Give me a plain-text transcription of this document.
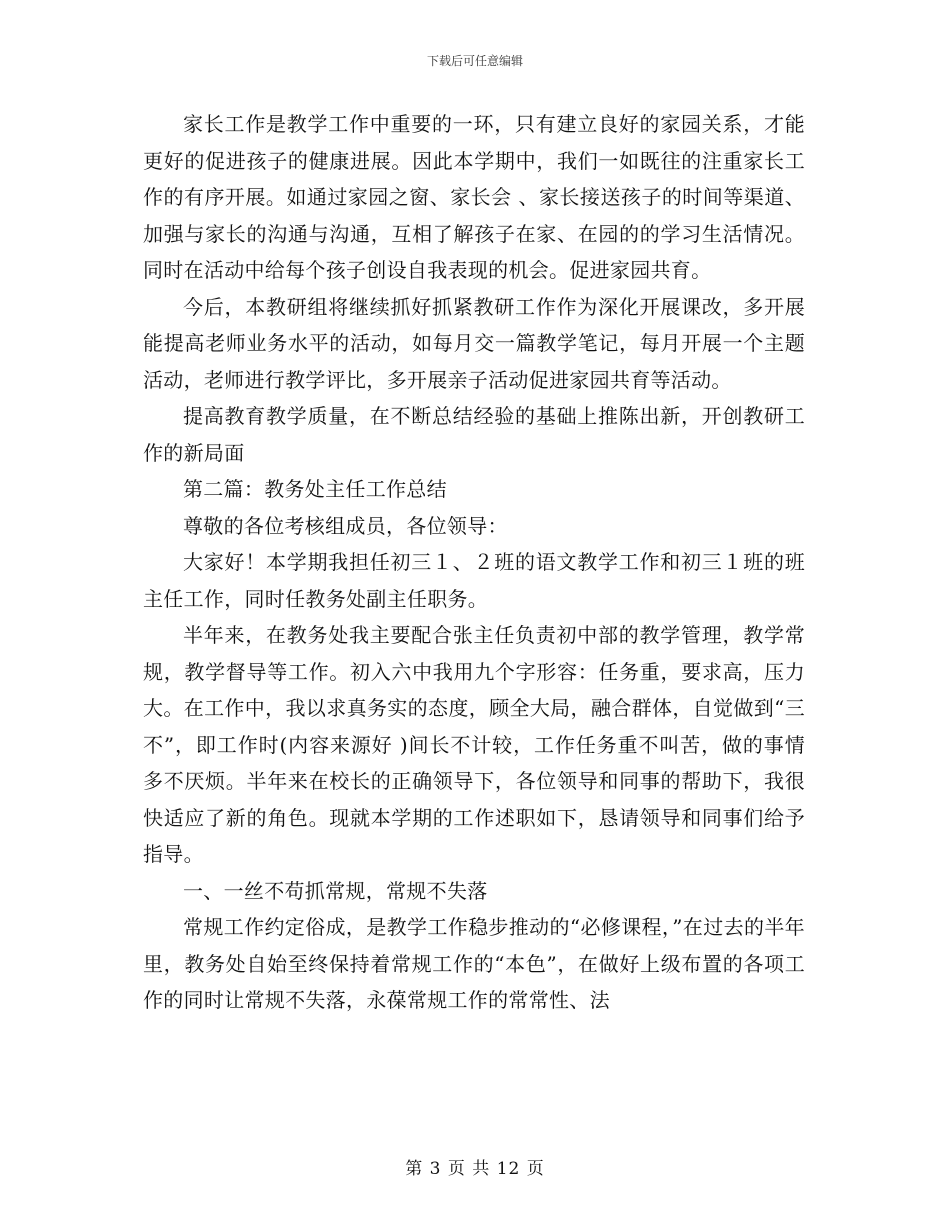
下载后可任意编辑

家长工作是教学工作中重要的一环，只有建立良好的家园关系，才能更好的促进孩子的健康进展。因此本学期中，我们一如既往的注重家长工作的有序开展。如通过家园之窗、家长会 、家长接送孩子的时间等渠道、加强与家长的沟通与沟通，互相了解孩子在家、在园的的学习生活情况。同时在活动中给每个孩子创设自我表现的机会。促进家园共育。

今后，本教研组将继续抓好抓紧教研工作作为深化开展课改，多开展能提高老师业务水平的活动，如每月交一篇教学笔记，每月开展一个主题活动，老师进行教学评比，多开展亲子活动促进家园共育等活动。

提高教育教学质量，在不断总结经验的基础上推陈出新，开创教研工作的新局面

第二篇：教务处主任工作总结

尊敬的各位考核组成员，各位领导：

大家好！本学期我担任初三１、２班的语文教学工作和初三１班的班主任工作，同时任教务处副主任职务。

半年来，在教务处我主要配合张主任负责初中部的教学管理，教学常规，教学督导等工作。初入六中我用九个字形容：任务重，要求高，压力大。在工作中，我以求真务实的态度，顾全大局，融合群体，自觉做到“三不”，即工作时(内容来源好 )间长不计较，工作任务重不叫苦，做的事情多不厌烦。半年来在校长的正确领导下，各位领导和同事的帮助下，我很快适应了新的角色。现就本学期的工作述职如下，恳请领导和同事们给予指导。

一、一丝不苟抓常规，常规不失落

常规工作约定俗成，是教学工作稳步推动的“必修课程，”在过去的半年里，教务处自始至终保持着常规工作的“本色”，在做好上级布置的各项工作的同时让常规不失落，永葆常规工作的常常性、法

第 3 页 共 12 页
